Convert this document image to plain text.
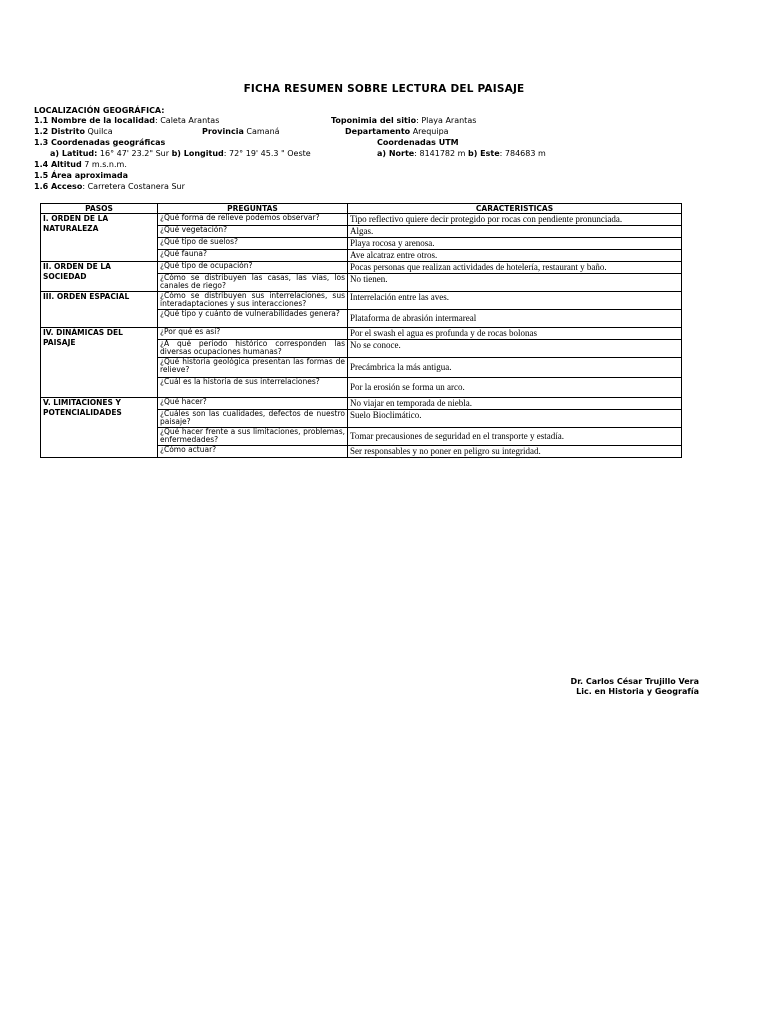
FICHA RESUMEN SOBRE LECTURA DEL PAISAJE
LOCALIZACIÓN GEOGRÁFICA:
1.1 Nombre de la localidad: Caleta Arantas	Toponimia del sitio: Playa Arantas
1.2 Distrito Quilca	Provincia Camaná	Departamento Arequipa
1.3 Coordenadas geográficas	Coordenadas UTM
a) Latitud: 16° 47' 23.2" Sur b) Longitud: 72° 19' 45.3 " Oeste	a) Norte: 8141782 m b) Este: 784683 m
1.4 Altitud 7 m.s.n.m.
1.5 Área aproximada
1.6 Acceso: Carretera Costanera Sur
PASOS	PREGUNTAS	CARACTERISTICAS
I. ORDEN DE LA NATURALEZA	¿Qué forma de relieve podemos observar?	Tipo reflectivo quiere decir protegido por rocas con pendiente pronunciada.
	¿Qué vegetación?	Algas.
	¿Qué tipo de suelos?	Playa rocosa y arenosa.
	¿Qué fauna?	Ave alcatraz entre otros.
II. ORDEN DE LA SOCIEDAD	¿Qué tipo de ocupación?	Pocas personas que realizan actividades de hotelería, restaurant y baño.
	¿Cómo se distribuyen las casas, las vías, los canales de riego?	No tienen.
III. ORDEN ESPACIAL	¿Cómo se distribuyen sus interrelaciones, sus interadaptaciones y sus interacciones?	Interrelación entre las aves.
	¿Qué tipo y cuánto de vulnerabilidades genera?	Plataforma de abrasión intermareal
IV. DINÁMICAS DEL PAISAJE	¿Por qué es así?	Por el swash el agua es profunda y de rocas bolonas
	¿A qué período histórico corresponden las diversas ocupaciones humanas?	No se conoce.
	¿Qué historia geológica presentan las formas de relieve?	Precámbrica la más antigua.
	¿Cuál es la historia de sus interrelaciones?	Por la erosión se forma un arco.
V. LIMITACIONES Y POTENCIALIDADES	¿Qué hacer?	No viajar en temporada de niebla.
	¿Cuáles son las cualidades, defectos de nuestro paisaje?	Suelo Bioclimático.
	¿Qué hacer frente a sus limitaciones, problemas, enfermedades?	Tomar precausiones de seguridad en el transporte y estadía.
	¿Cómo actuar?	Ser responsables y no poner en peligro su integridad.
Dr. Carlos César Trujillo Vera
Lic. en Historia y Geografía
